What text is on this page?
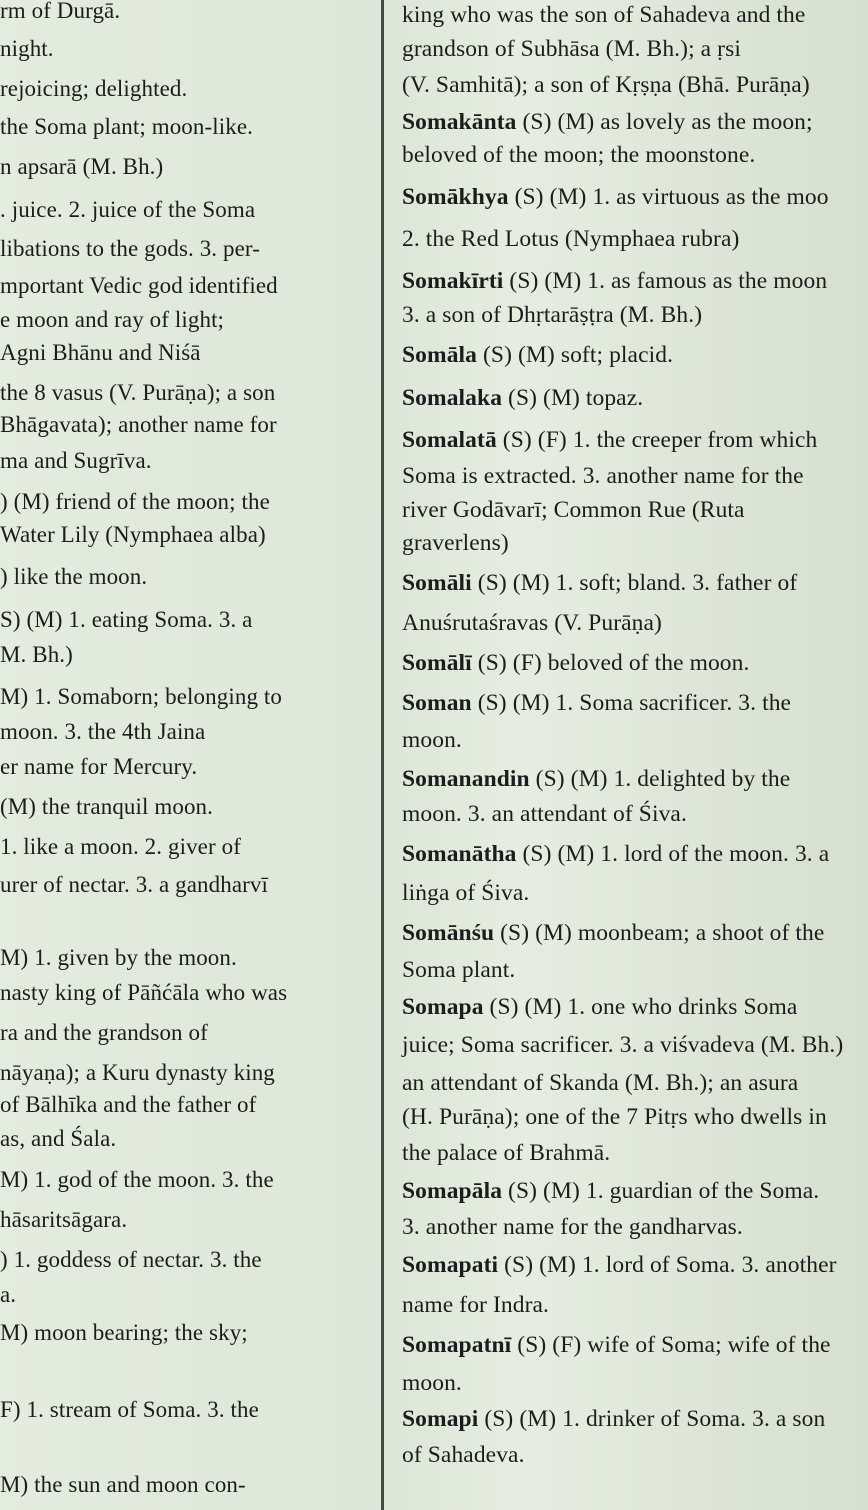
rm of Durgā.
night.
rejoicing; delighted.
the Soma plant; moon-like.
n apsarā (M. Bh.)
. juice. 2. juice of the Soma
libations to the gods. 3. per-
mportant Vedic god identified
e moon and ray of light;
Agni Bhānu and Niśā
the 8 vasus (V. Purāṇa); a son
Bhāgavata); another name for
ma and Sugrīva.
) (M) friend of the moon; the
Water Lily (Nymphaea alba)
) like the moon.
S) (M) 1. eating Soma. 3. a
M. Bh.)
M) 1. Somaborn; belonging to
moon. 3. the 4th Jaina
er name for Mercury.
(M) the tranquil moon.
1. like a moon. 2. giver of
urer of nectar. 3. a gandharvī
M) 1. given by the moon.
nasty king of Pāñćāla who was
ra and the grandson of
nāyaṇa); a Kuru dynasty king
of Bālhīka and the father of
as, and Śala.
M) 1. god of the moon. 3. the
hāsaritsāgara.
) 1. goddess of nectar. 3. the
a.
M) moon bearing; the sky;
F) 1. stream of Soma. 3. the
M) the sun and moon con-
king who was the son of Sahadeva and the
grandson of Subhāsa (M. Bh.); a ṛsi
(V. Samhitā); a son of Kṛṣṇa (Bhā. Purāṇa)
Somakānta (S) (M) as lovely as the moon;
beloved of the moon; the moonstone.
Somākhya (S) (M) 1. as virtuous as the moo
2. the Red Lotus (Nymphaea rubra)
Somakīrti (S) (M) 1. as famous as the moon
3. a son of Dhṛtarāṣṭra (M. Bh.)
Somāla (S) (M) soft; placid.
Somalaka (S) (M) topaz.
Somalatā (S) (F) 1. the creeper from which
Soma is extracted. 3. another name for the
river Godāvarī; Common Rue (Ruta
graverlens)
Somāli (S) (M) 1. soft; bland. 3. father of
Anuśrutaśravas (V. Purāṇa)
Somālī (S) (F) beloved of the moon.
Soman (S) (M) 1. Soma sacrificer. 3. the
moon.
Somanandin (S) (M) 1. delighted by the
moon. 3. an attendant of Śiva.
Somanātha (S) (M) 1. lord of the moon. 3. a
liṅga of Śiva.
Somānśu (S) (M) moonbeam; a shoot of the
Soma plant.
Somapa (S) (M) 1. one who drinks Soma
juice; Soma sacrificer. 3. a viśvadeva (M. Bh.)
an attendant of Skanda (M. Bh.); an asura
(H. Purāṇa); one of the 7 Pitṛs who dwells in
the palace of Brahmā.
Somapāla (S) (M) 1. guardian of the Soma.
3. another name for the gandharvas.
Somapati (S) (M) 1. lord of Soma. 3. another
name for Indra.
Somapatnī (S) (F) wife of Soma; wife of the
moon.
Somapi (S) (M) 1. drinker of Soma. 3. a son
of Sahadeva.
